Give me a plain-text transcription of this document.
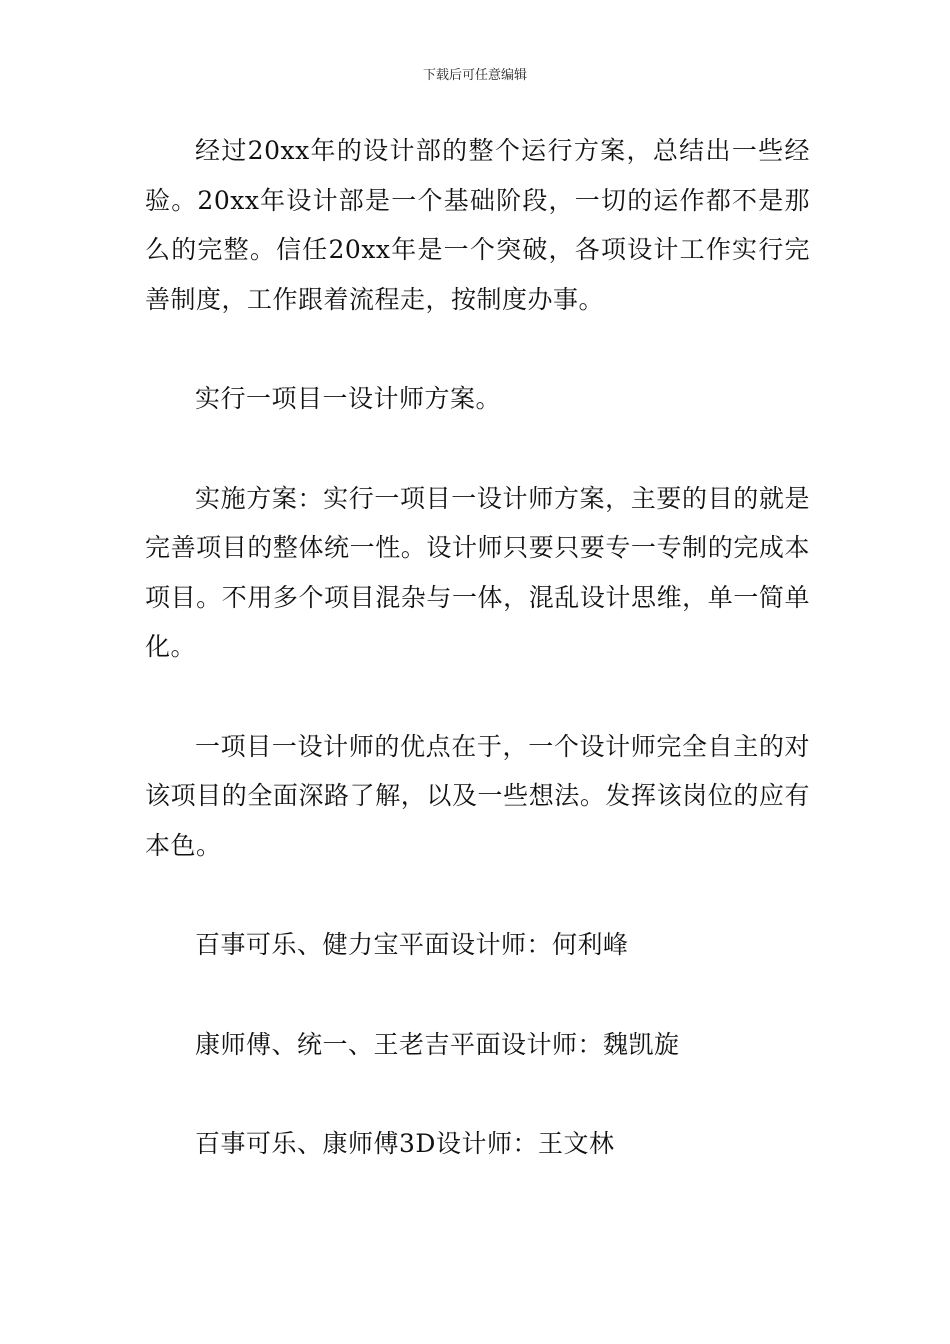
下载后可任意编辑

经过20xx年的设计部的整个运行方案，总结出一些经验。20xx年设计部是一个基础阶段，一切的运作都不是那么的完整。信任20xx年是一个突破，各项设计工作实行完善制度，工作跟着流程走，按制度办事。

实行一项目一设计师方案。

实施方案：实行一项目一设计师方案，主要的目的就是完善项目的整体统一性。设计师只要只要专一专制的完成本项目。不用多个项目混杂与一体，混乱设计思维，单一简单化。

一项目一设计师的优点在于，一个设计师完全自主的对该项目的全面深路了解，以及一些想法。发挥该岗位的应有本色。

百事可乐、健力宝平面设计师：何利峰

康师傅、统一、王老吉平面设计师：魏凯旋

百事可乐、康师傅3D设计师：王文林
